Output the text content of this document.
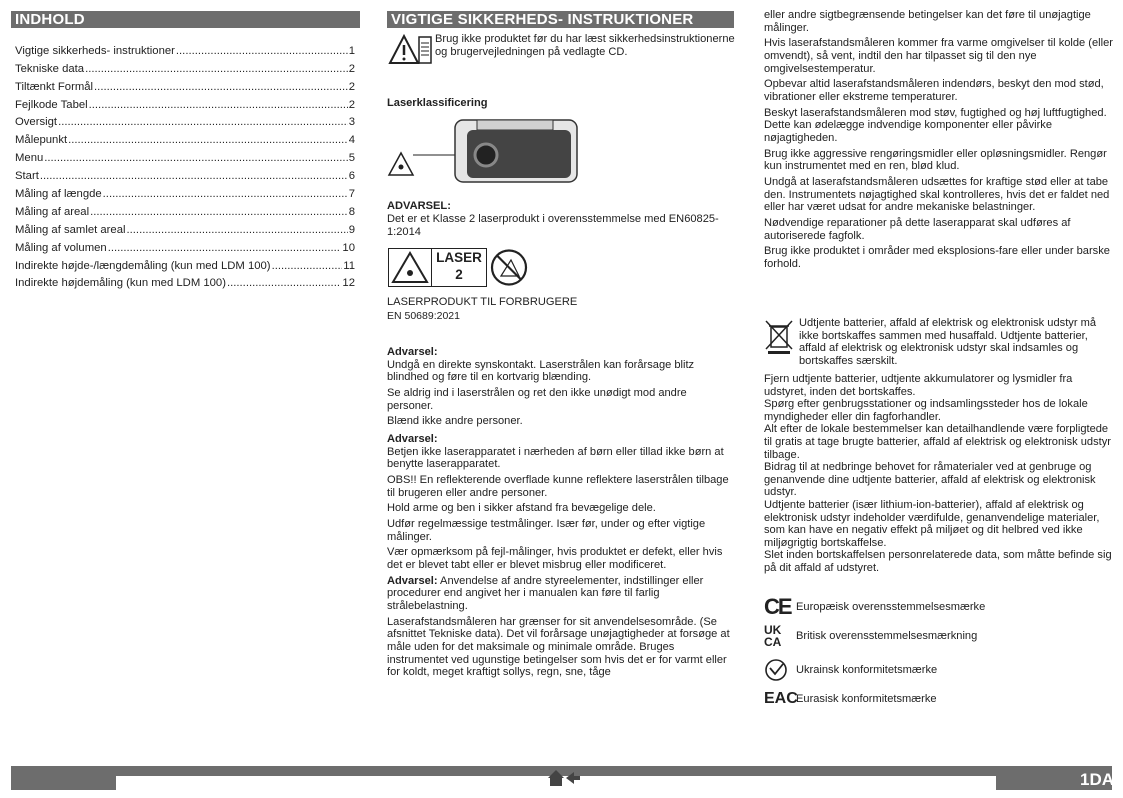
INDHOLD	VIGTIGE SIKKERHEDS- INSTRUKTIONER
Vigtige sikkerheds- instruktioner .....	1
Tekniske data .....	2
Tiltænkt Formål .....	2
Fejlkode Tabel .....	2
Oversigt .....	3
Målepunkt .....	4
Menu .....	5
Start .....	6
Måling af længde .....	7
Måling af areal .....	8
Måling af samlet areal .....	9
Måling af volumen .....	10
Indirekte højde-/længdemåling (kun med LDM 100) .....	11
Indirekte højdemåling (kun med LDM 100) .....	12
Brug ikke produktet før du har læst sikkerhedsinstruktionerne og brugervejledningen på vedlagte CD.
Laserklassificering
ADVARSEL:
Det er et Klasse 2 laserprodukt i overensstemmelse med EN60825-1:2014
LASER
2
LASERPRODUKT TIL FORBRUGERE
EN 50689:2021
Advarsel:
Undgå en direkte synskontakt. Laserstrålen kan forårsage blitz blindhed og føre til en kortvarig blænding.
Se aldrig ind i laserstrålen og ret den ikke unødigt mod andre personer.
Blænd ikke andre personer.
Advarsel:
Betjen ikke laserapparatet i nærheden af børn eller tillad ikke børn at benytte laserapparatet.
OBS!! En reflekterende overflade kunne reflektere laserstrålen tilbage til brugeren eller andre personer.
Hold arme og ben i sikker afstand fra bevægelige dele.
Udfør regelmæssige testmålinger. Især før, under og efter vigtige målinger.
Vær opmærksom på fejl-målinger, hvis produktet er defekt, eller hvis det er blevet tabt eller er blevet misbrug eller modificeret.
Advarsel: Anvendelse af andre styreelementer, indstillinger eller procedurer end angivet her i manualen kan føre til farlig strålebelastning.
Laserafstandsmåleren har grænser for sit anvendelsesområde. (Se afsnittet Tekniske data). Det vil forårsage unøjagtigheder at forsøge at måle uden for det maksimale og minimale område. Bruges instrumentet ved ugunstige betingelser som hvis det er for varmt eller for koldt, meget kraftigt sollys, regn, sne, tåge
eller andre sigtbegrænsende betingelser kan det føre til unøjagtige målinger.
Hvis laserafstandsmåleren kommer fra varme omgivelser til kolde (eller omvendt), så vent, indtil den har tilpasset sig til den nye omgivelsestemperatur.
Opbevar altid laserafstandsmåleren indendørs, beskyt den mod stød, vibrationer eller ekstreme temperaturer.
Beskyt laserafstandsmåleren mod støv, fugtighed og høj luftfugtighed. Dette kan ødelægge indvendige komponenter eller påvirke nøjagtigheden.
Brug ikke aggressive rengøringsmidler eller opløsningsmidler. Rengør kun instrumentet med en ren, blød klud.
Undgå at laserafstandsmåleren udsættes for kraftige stød eller at tabe den. Instrumentets nøjagtighed skal kontrolleres, hvis det er faldet ned eller har været udsat for andre mekaniske belastninger.
Nødvendige reparationer på dette laserapparat skal udføres af autoriserede fagfolk.
Brug ikke produktet i områder med eksplosions-fare eller under barske forhold.
Udtjente batterier, affald af elektrisk og elektronisk udstyr må ikke bortskaffes sammen med husaffald. Udtjente batterier, affald af elektrisk og elektronisk udstyr skal indsamles og bortskaffes særskilt.
Fjern udtjente batterier, udtjente akkumulatorer og lysmidler fra udstyret, inden det bortskaffes.
Spørg efter genbrugsstationer og indsamlingssteder hos de lokale myndigheder eller din fagforhandler.
Alt efter de lokale bestemmelser kan detailhandlende være forpligtede til gratis at tage brugte batterier, affald af elektrisk og elektronisk udstyr tilbage.
Bidrag til at nedbringe behovet for råmaterialer ved at genbruge og genanvende dine udtjente batterier, affald af elektrisk og elektronisk udstyr.
Udtjente batterier (især lithium-ion-batterier), affald af elektrisk og elektronisk udstyr indeholder værdifulde, genanvendelige materialer, som kan have en negativ effekt på miljøet og dit helbred ved ikke miljøgrigtig bortskaffelse.
Slet inden bortskaffelsen personrelaterede data, som måtte befinde sig på dit affald af udstyret.
CE Europæisk overensstemmelsesmærke
UKCA	Britisk overensstemmelsesmærkning
Ukrainsk konformitetsmærke
EAC
Eurasisk konformitetsmærke
1DA
